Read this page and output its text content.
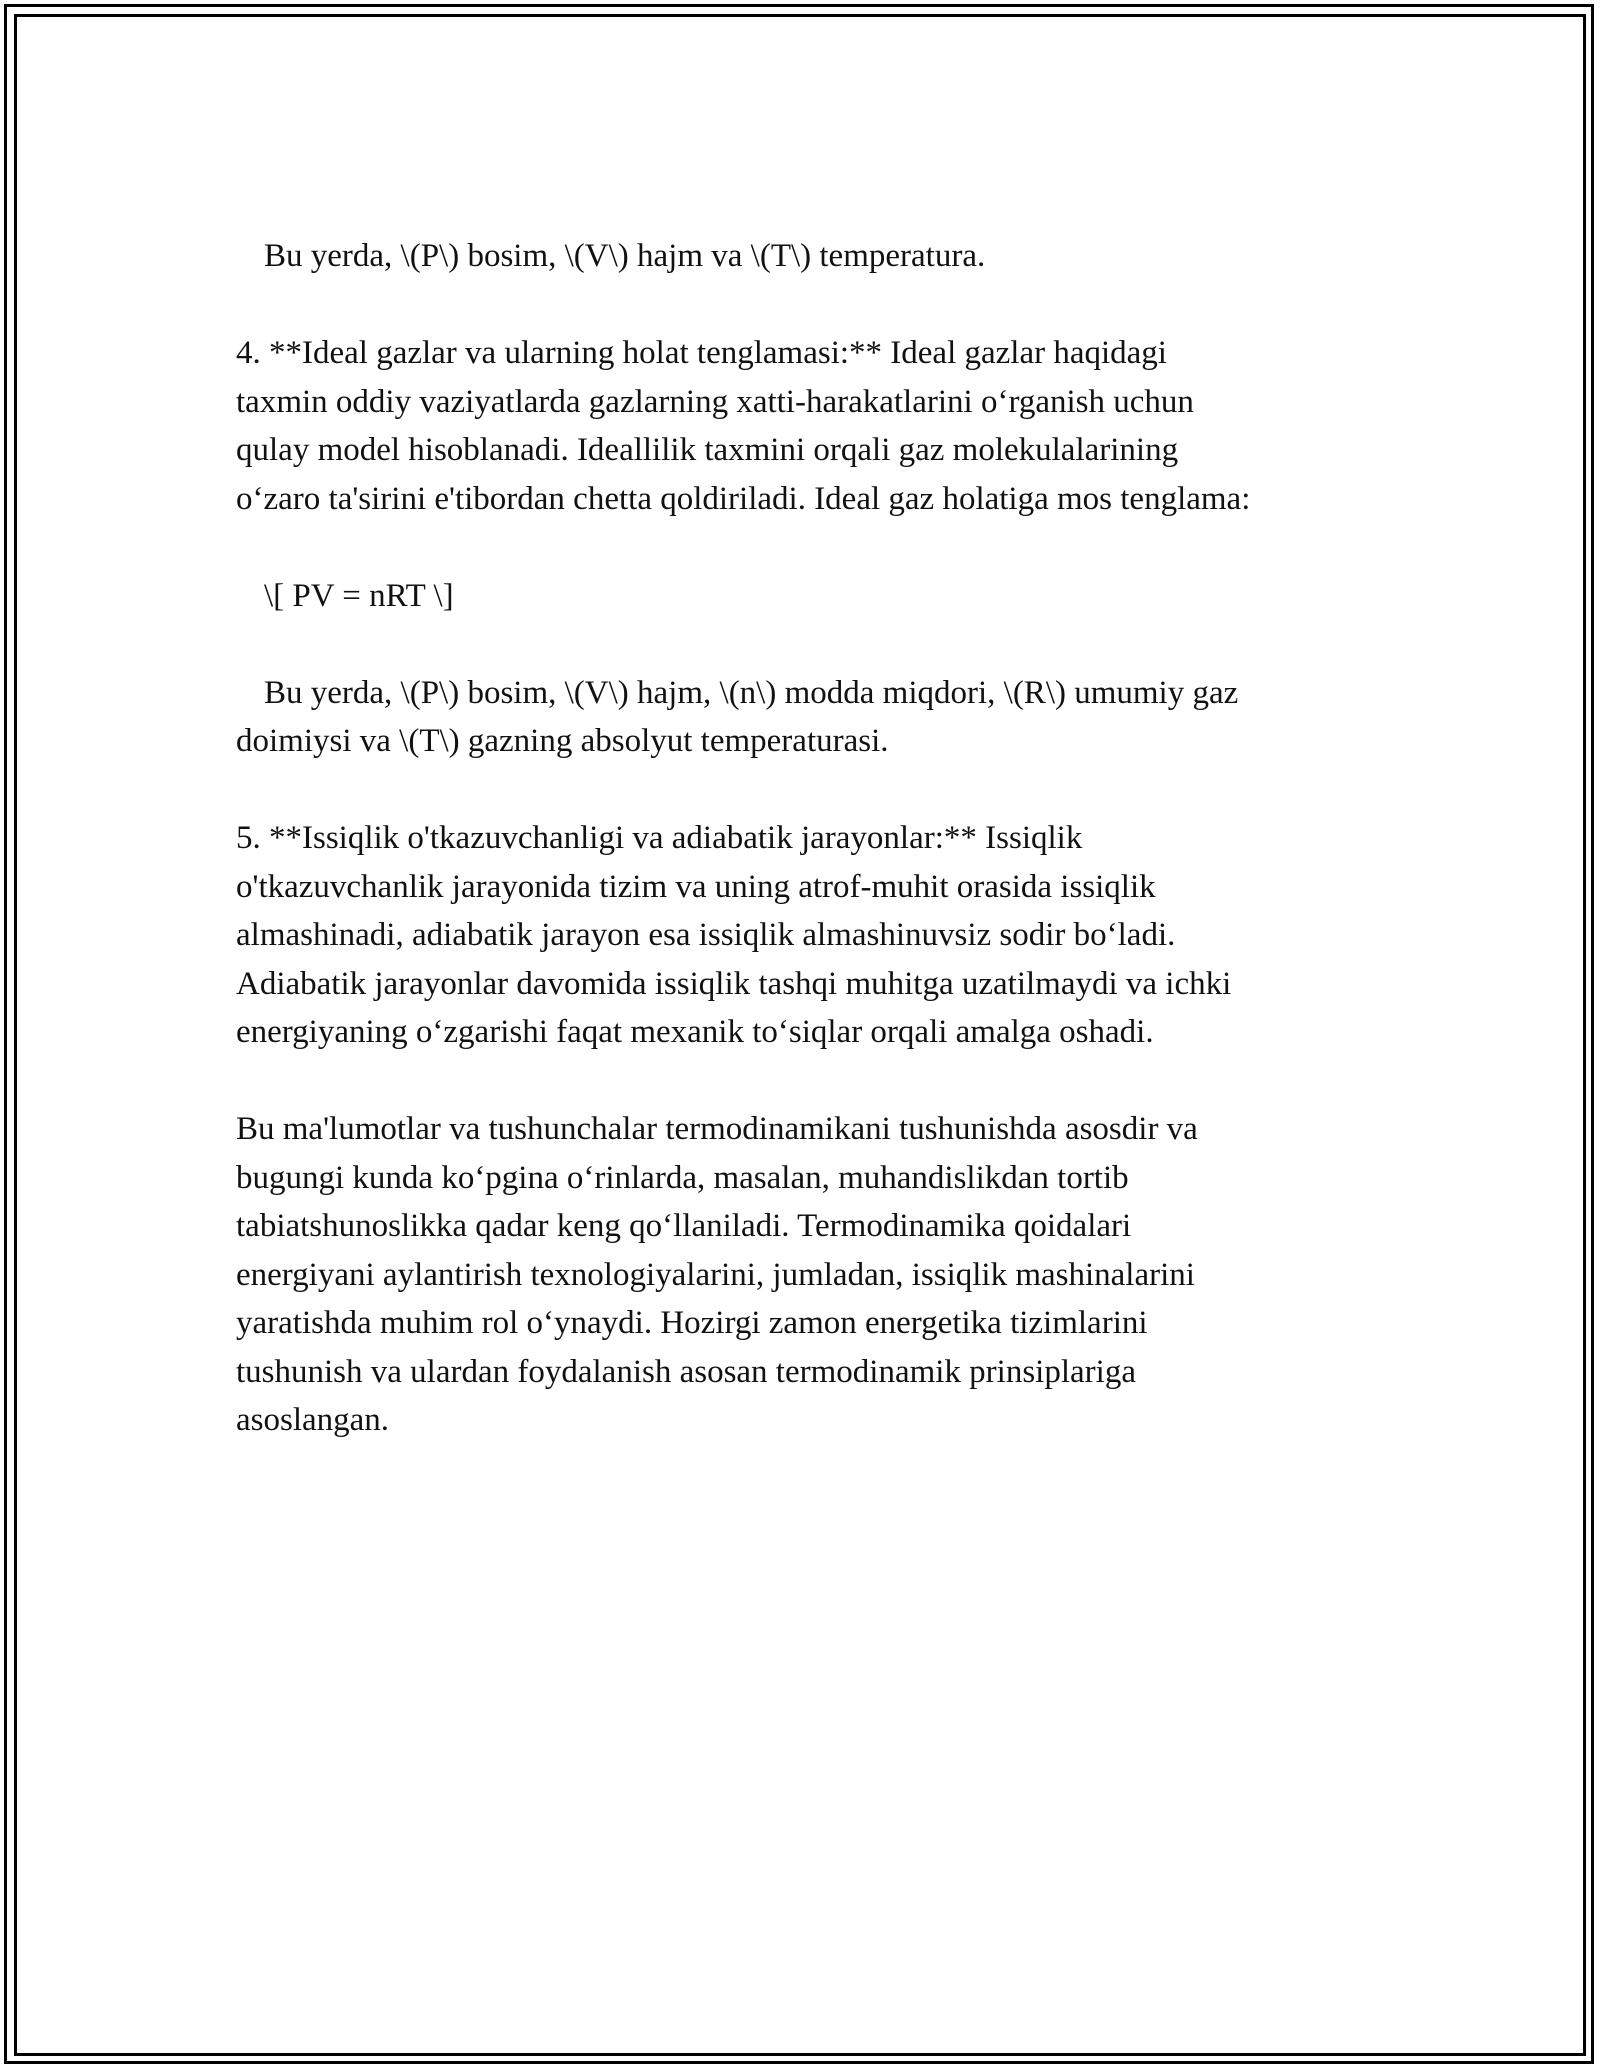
Bu yerda, \(P\) bosim, \(V\) hajm va \(T\) temperatura.
4. **Ideal gazlar va ularning holat tenglamasi:** Ideal gazlar haqidagi
taxmin oddiy vaziyatlarda gazlarning xatti-harakatlarini o‘rganish uchun
qulay model hisoblanadi. Ideallilik taxmini orqali gaz molekulalarining
o‘zaro ta'sirini e'tibordan chetta qoldiriladi. Ideal gaz holatiga mos tenglama:
\[ PV = nRT \]
Bu yerda, \(P\) bosim, \(V\) hajm, \(n\) modda miqdori, \(R\) umumiy gaz
doimiysi va \(T\) gazning absolyut temperaturasi.
5. **Issiqlik o'tkazuvchanligi va adiabatik jarayonlar:** Issiqlik
o'tkazuvchanlik jarayonida tizim va uning atrof-muhit orasida issiqlik
almashinadi, adiabatik jarayon esa issiqlik almashinuvsiz sodir bo‘ladi.
Adiabatik jarayonlar davomida issiqlik tashqi muhitga uzatilmaydi va ichki
energiyaning o‘zgarishi faqat mexanik to‘siqlar orqali amalga oshadi.
Bu ma'lumotlar va tushunchalar termodinamikani tushunishda asosdir va
bugungi kunda ko‘pgina o‘rinlarda, masalan, muhandislikdan tortib
tabiatshunoslikka qadar keng qo‘llaniladi. Termodinamika qoidalari
energiyani aylantirish texnologiyalarini, jumladan, issiqlik mashinalarini
yaratishda muhim rol o‘ynaydi. Hozirgi zamon energetika tizimlarini
tushunish va ulardan foydalanish asosan termodinamik prinsiplariga
asoslangan.
